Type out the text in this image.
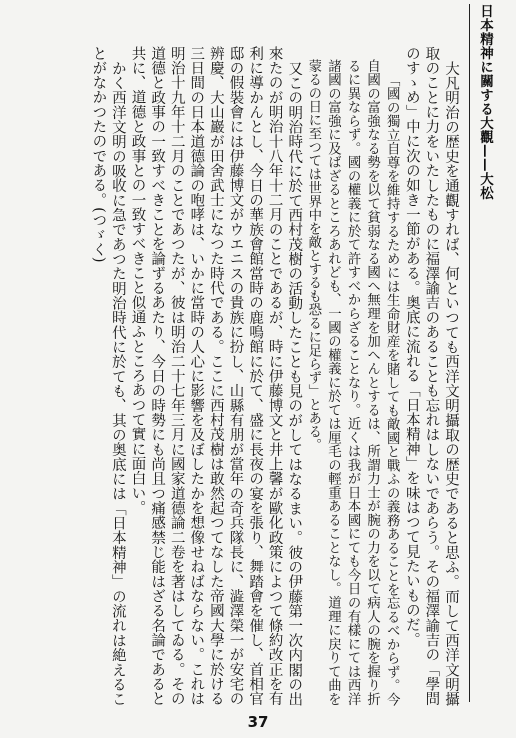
日本精神に關する大觀——大松

大凡明治の歴史を通觀すれば、何といつても西洋文明攝取の歴史であると思ふ。而して西洋文明攝取のことに力をいたしたものに福澤諭吉のあることも忘れはしないであらう。その福澤諭吉の「學問のすゝめ」中に次の如き一節がある。奥底に流れる「日本精神」を味はつて見たいものだ。

「國の獨立自尊を維持するためには生命財産を賭しても敵國と戰ふの義務あることを忘るべからず。今自國の富強なる勢を以て貧弱なる國へ無理を加へんとするは、所謂力士が腕の力を以て病人の腕を握り折るに異ならず。國の權義に於て許すべからざることなり。近くは我が日本國にても今日の有樣にては西洋諸國の富強に及ばざるところあれども、一國の權義に於ては厘毛の輕重あることなし。道理に戻りて曲を蒙るの日に至つては世界中を敵とするも恐るに足らず」とある。

又この明治時代に於て西村茂樹の活動したことも見のがしてはなるまい。彼の伊藤第一次内閣の出來たのが明治十八年十二月のことであるが、時に伊藤博文と井上馨が歐化政策によつて條約改正を有利に導かんとし、今日の華族會館當時の鹿鳴館に於て、盛に長夜の宴を張り、舞踏會を催し、首相官邸の假裝會には伊藤博文がウエニスの貴族に扮し、山縣有朋が當年の奇兵隊長に、澁澤榮一が安宅の辨慶、大山巖が田舍武士になつた時代である。ここに西村茂樹は敢然起つてなした帝國大學に於ける三日間の日本道德論の咆哮は、いかに當時の人心に影響を及ぼしたかを想像せねばならない。これは明治十九年十二月のことであつたが、彼は明治二十七年三月に國家道德論二卷を著はしてゐる。その道德と政事の一致すべきことを論ずるあたり、今日の時勢にも尚且つ痛感禁じ能はざる名論であると共に、道德と政事との一致すべきこと似通ふところあつて實に面白い。

かく西洋文明の吸收に急であつた明治時代に於ても、其の奥底には「日本精神」の流れは絶えることがなかつたのである。(つゞく)

37
